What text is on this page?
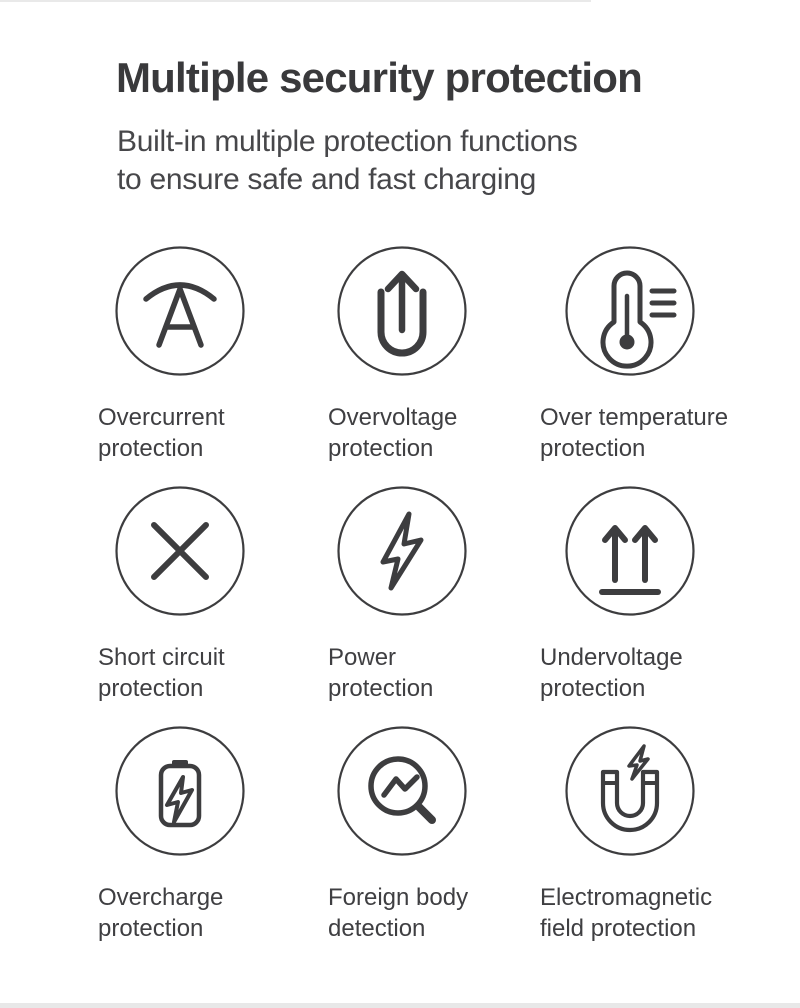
Multiple security protection

Built-in multiple protection functions
to ensure safe and fast charging

Overcurrent
protection

Overvoltage
protection

Over temperature
protection

Short circuit
protection

Power
protection

Undervoltage
protection

Overcharge
protection

Foreign body
detection

Electromagnetic
field protection
